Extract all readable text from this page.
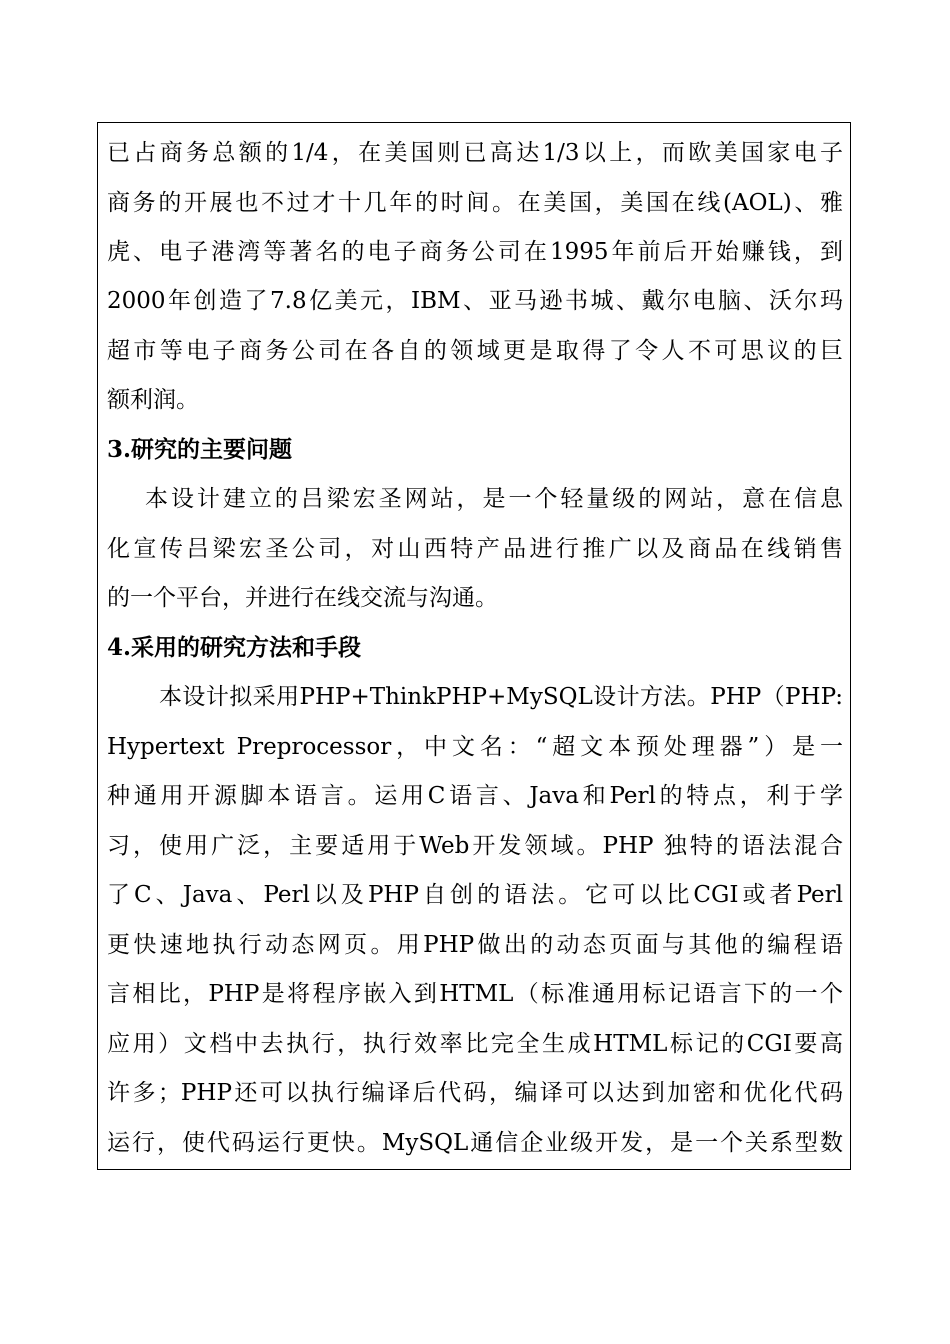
已占商务总额的1/4，在美国则已高达1/3以上，而欧美国家电子
商务的开展也不过才十几年的时间。在美国，美国在线(AOL)、雅
虎、电子港湾等著名的电子商务公司在1995年前后开始赚钱，到
2000年创造了7.8亿美元，IBM、亚马逊书城、戴尔电脑、沃尔玛
超市等电子商务公司在各自的领域更是取得了令人不可思议的巨
额利润。
3.研究的主要问题
本设计建立的吕梁宏圣网站，是一个轻量级的网站，意在信息
化宣传吕梁宏圣公司，对山西特产品进行推广以及商品在线销售
的一个平台，并进行在线交流与沟通。
4.采用的研究方法和手段
本设计拟采用PHP+ThinkPHP+MySQL设计方法。PHP（PHP:
Hypertext Preprocessor，中文名：“超文本预处理器”）是一
种通用开源脚本语言。运用C语言、Java和Perl的特点，利于学
习，使用广泛，主要适用于Web开发领域。PHP 独特的语法混合
了C、Java、Perl以及PHP自创的语法。它可以比CGI或者Perl
更快速地执行动态网页。用PHP做出的动态页面与其他的编程语
言相比，PHP是将程序嵌入到HTML（标准通用标记语言下的一个
应用）文档中去执行，执行效率比完全生成HTML标记的CGI要高
许多；PHP还可以执行编译后代码，编译可以达到加密和优化代码
运行，使代码运行更快。MySQL通信企业级开发，是一个关系型数
